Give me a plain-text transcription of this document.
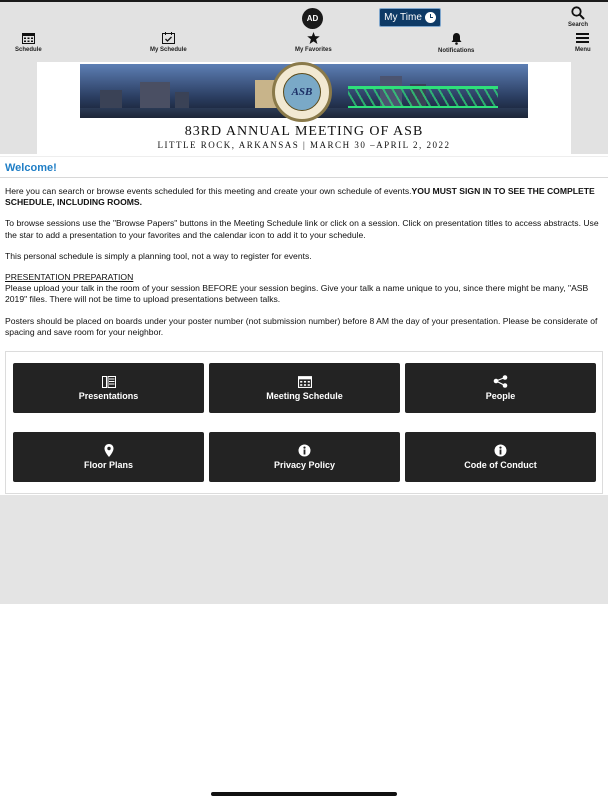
AD	My Time
Search
Schedule	My Schedule	My Favorites	Notifications	Menu
ASB
83RD ANNUAL MEETING OF ASB
LITTLE ROCK, ARKANSAS | MARCH 30 –APRIL 2, 2022
Welcome!

Here you can search or browse events scheduled for this meeting and create your own schedule of events.YOU MUST SIGN IN TO SEE THE COMPLETE SCHEDULE, INCLUDING ROOMS.

To browse sessions use the "Browse Papers" buttons in the Meeting Schedule link or click on a session. Click on presentation titles to access abstracts. Use the star to add a presentation to your favorites and the calendar icon to add it to your schedule.

This personal schedule is simply a planning tool, not a way to register for events.

PRESENTATION PREPARATION
Please upload your talk in the room of your session BEFORE your session begins. Give your talk a name unique to you, since there might be many, "ASB 2019" files. There will not be time to upload presentations between talks.

Posters should be placed on boards under your poster number (not submission number) before 8 AM the day of your presentation. Please be considerate of spacing and save room for your neighbor.

Presentations	Meeting Schedule	People
Floor Plans	Privacy Policy	Code of Conduct
